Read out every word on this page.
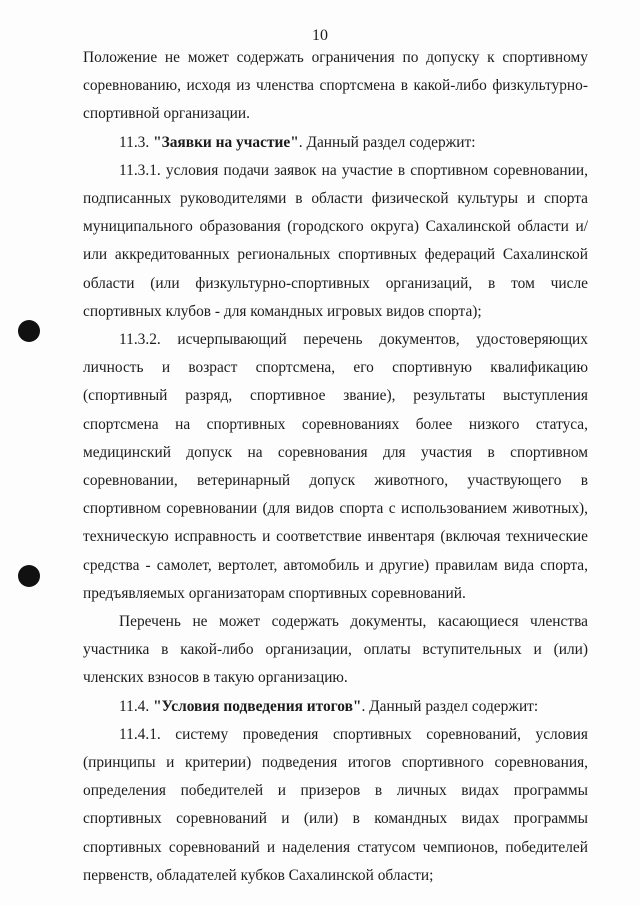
10

Положение не может содержать ограничения по допуску к спортивному соревнованию, исходя из членства спортсмена в какой-либо физкультурно-спортивной организации.

11.3. "Заявки на участие". Данный раздел содержит:

11.3.1. условия подачи заявок на участие в спортивном соревновании, подписанных руководителями в области физической культуры и спорта муниципального образования (городского округа) Сахалинской области и/или аккредитованных региональных спортивных федераций Сахалинской области (или физкультурно-спортивных организаций, в том числе спортивных клубов - для командных игровых видов спорта);

11.3.2. исчерпывающий перечень документов, удостоверяющих личность и возраст спортсмена, его спортивную квалификацию (спортивный разряд, спортивное звание), результаты выступления спортсмена на спортивных соревнованиях более низкого статуса, медицинский допуск на соревнования для участия в спортивном соревновании, ветеринарный допуск животного, участвующего в спортивном соревновании (для видов спорта с использованием животных), техническую исправность и соответствие инвентаря (включая технические средства - самолет, вертолет, автомобиль и другие) правилам вида спорта, предъявляемых организаторам спортивных соревнований.

Перечень не может содержать документы, касающиеся членства участника в какой-либо организации, оплаты вступительных и (или) членских взносов в такую организацию.

11.4. "Условия подведения итогов". Данный раздел содержит:

11.4.1. систему проведения спортивных соревнований, условия (принципы и критерии) подведения итогов спортивного соревнования, определения победителей и призеров в личных видах программы спортивных соревнований и (или) в командных видах программы спортивных соревнований и наделения статусом чемпионов, победителей первенств, обладателей кубков Сахалинской области;
